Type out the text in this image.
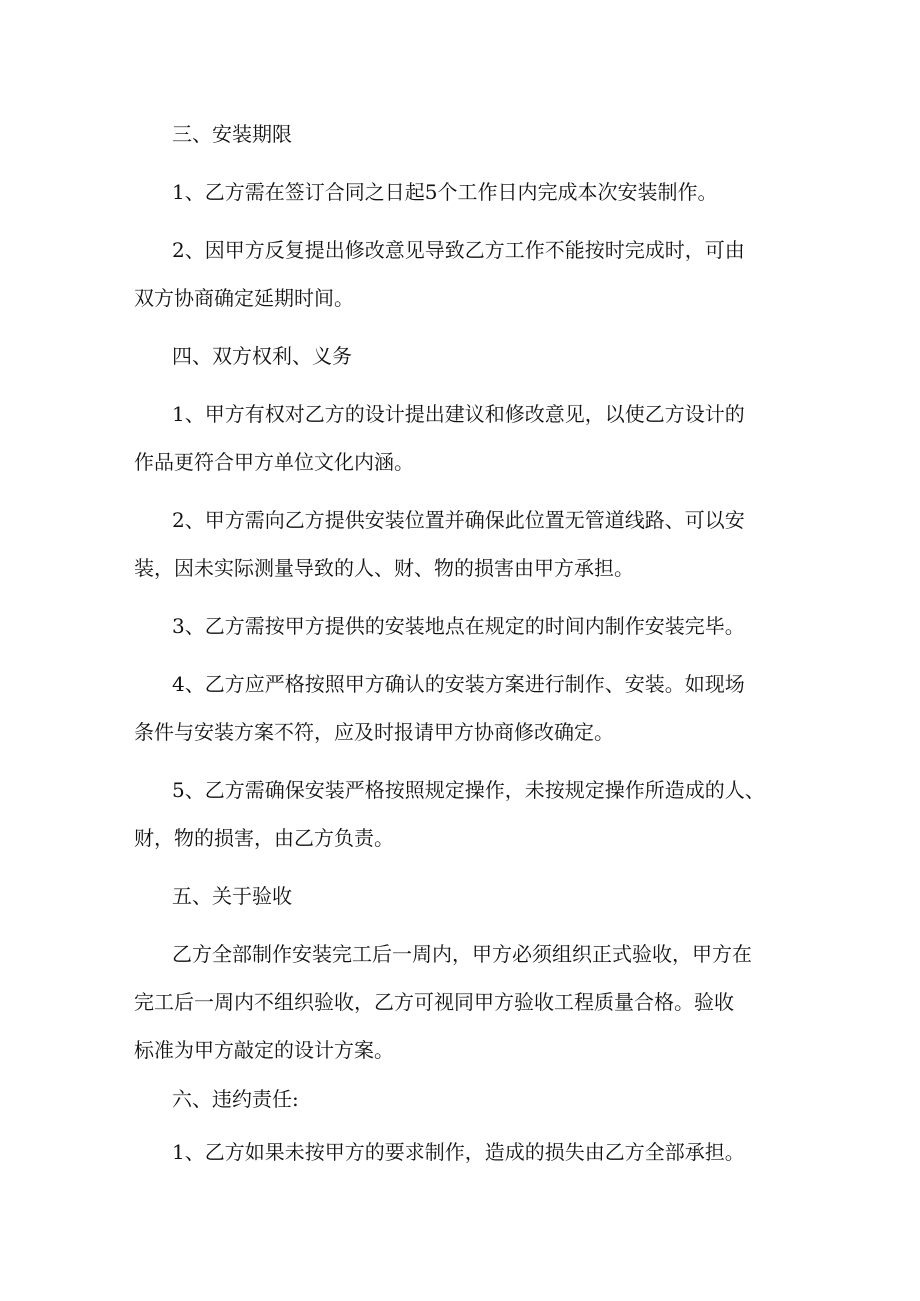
三、安装期限
1、乙方需在签订合同之日起5个工作日内完成本次安装制作。
2、因甲方反复提出修改意见导致乙方工作不能按时完成时，可由
双方协商确定延期时间。
四、双方权利、义务
1、甲方有权对乙方的设计提出建议和修改意见，以使乙方设计的
作品更符合甲方单位文化内涵。
2、甲方需向乙方提供安装位置并确保此位置无管道线路、可以安
装，因未实际测量导致的人、财、物的损害由甲方承担。
3、乙方需按甲方提供的安装地点在规定的时间内制作安装完毕。
4、乙方应严格按照甲方确认的安装方案进行制作、安装。如现场
条件与安装方案不符，应及时报请甲方协商修改确定。
5、乙方需确保安装严格按照规定操作，未按规定操作所造成的人、
财，物的损害，由乙方负责。
五、关于验收
乙方全部制作安装完工后一周内，甲方必须组织正式验收，甲方在
完工后一周内不组织验收，乙方可视同甲方验收工程质量合格。验收
标准为甲方敲定的设计方案。
六、违约责任:
1、乙方如果未按甲方的要求制作，造成的损失由乙方全部承担。
